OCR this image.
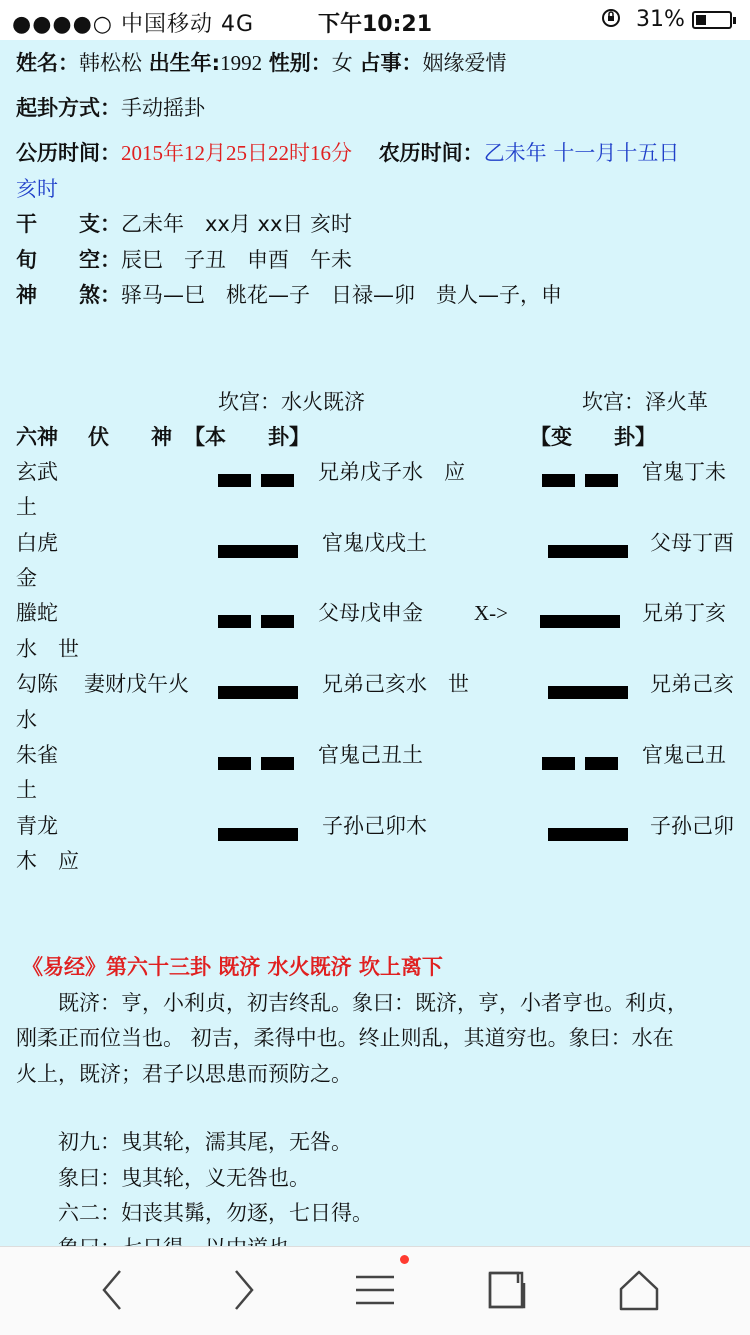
●●●●○ 中国移动 4G	下午10:21	31%
姓名：韩松松 出生年:1992 性别：女 占事：姻缘爱情
起卦方式：手动摇卦
公历时间：2015年12月25日22时16分 农历时间：乙未年 十一月十五日
亥时
干　　支：乙未年　xx月 xx日 亥时
旬　　空：辰巳　子丑　申酉　午未
神　　煞：驿马—巳　桃花—子　日禄—卯　贵人—子，申
坎宫：水火既济	坎宫：泽火革
六神 伏　　神 【本　　卦】	【变　　卦】
玄武	兄弟戊子水　应	官鬼丁未
土
白虎	官鬼戊戌土	父母丁酉
金
螣蛇	父母戊申金 X->	兄弟丁亥
水　世
勾陈 妻财戊午火	兄弟己亥水　世	兄弟己亥
水
朱雀	官鬼己丑土	官鬼己丑
土
青龙	子孙己卯木	子孙己卯
木　应
《易经》第六十三卦 既济 水火既济 坎上离下
　　既济：亨，小利贞，初吉终乱。象曰：既济，亨，小者亨也。利贞，
刚柔正而位当也。 初吉，柔得中也。终止则乱，其道穷也。象曰：水在
火上，既济；君子以思患而预防之。
　　初九：曳其轮，濡其尾，无咎。
　　象曰：曳其轮，义无咎也。
　　六二：妇丧其髴，勿逐，七日得。
